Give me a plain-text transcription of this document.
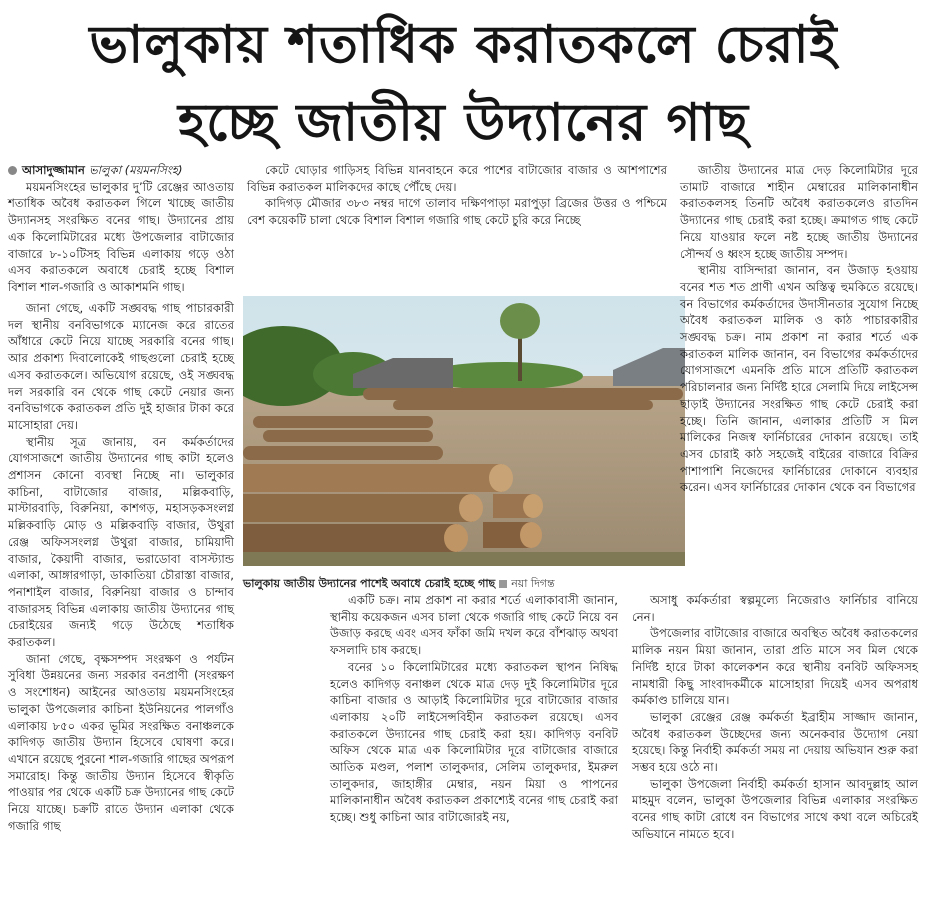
ভালুকায় শতাধিক করাতকলে চেরাই
হচ্ছে জাতীয় উদ্যানের গাছ

আসাদুজ্জামান ভালুকা (ময়মনসিংহ)

ময়মনসিংহের ভালুকার দু’টি রেঞ্জের আওতায় শতাধিক অবৈধ করাতকল গিলে খাচ্ছে জাতীয় উদ্যানসহ সংরক্ষিত বনের গাছ। উদ্যানের প্রায় এক কিলোমিটারের মধ্যে উপজেলার বাটাজোর বাজারে ৮-১০টিসহ বিভিন্ন এলাকায় গড়ে ওঠা এসব করাতকলে অবাধে চেরাই হচ্ছে বিশাল বিশাল শাল-গজারি ও আকাশমনি গাছ।

জানা গেছে, একটি সঙ্ঘবদ্ধ গাছ পাচারকারী দল স্থানীয় বনবিভাগকে ম্যানেজ করে রাতের আঁধারে কেটে নিয়ে যাচ্ছে সরকারি বনের গাছ। আর প্রকাশ্য দিবালোকেই গাছগুলো চেরাই হচ্ছে এসব করাতকলে। অভিযোগ রয়েছে, ওই সঙ্ঘবদ্ধ দল সরকারি বন থেকে গাছ কেটে নেয়ার জন্য বনবিভাগকে করাতকল প্রতি দুই হাজার টাকা করে মাসোহারা দেয়।

স্থানীয় সূত্র জানায়, বন কর্মকর্তাদের যোগসাজশে জাতীয় উদ্যানের গাছ কাটা হলেও প্রশাসন কোনো ব্যবস্থা নিচ্ছে না। ভালুকার কাচিনা, বাটাজোর বাজার, মল্লিকবাড়ি, মাস্টারবাড়ি, বিরুনিয়া, কাশগড়, মহাসড়কসংলগ্ন মল্লিকবাড়ি মোড় ও মল্লিকবাড়ি বাজার, উথুরা রেঞ্জ অফিসসংলগ্ন উথুরা বাজার, চামিয়াদী বাজার, কৈয়াদী বাজার, ভরাডোবা বাসস্ট্যান্ড এলাকা, আঙ্গারগাড়া, ডাকাতিয়া চৌরাস্তা বাজার, পনাশাইল বাজার, বিরুনিয়া বাজার ও চান্দাব বাজারসহ বিভিন্ন এলাকায় জাতীয় উদ্যানের গাছ চেরাইয়ের জন্যই গড়ে উঠেছে শতাধিক করাতকল।

জানা গেছে, বৃক্ষসম্পদ সংরক্ষণ ও পর্যটন সুবিধা উন্নয়নের জন্য সরকার বনপ্রাণী (সংরক্ষণ ও সংশোধন) আইনের আওতায় ময়মনসিংহের ভালুকা উপজেলার কাচিনা ইউনিয়নের পালগাঁও এলাকায় ৮৫০ একর ভূমির সংরক্ষিত বনাঞ্চলকে কাদিগড় জাতীয় উদ্যান হিসেবে ঘোষণা করে। এখানে রয়েছে পুরনো শাল-গজারি গাছের অপরূপ সমারোহ। কিন্তু জাতীয় উদ্যান হিসেবে স্বীকৃতি পাওয়ার পর থেকে একটি চক্র উদ্যানের গাছ কেটে নিয়ে যাচ্ছে। চক্রটি রাতে উদ্যান এলাকা থেকে গজারি গাছ

কেটে ঘোড়ার গাড়িসহ বিভিন্ন যানবাহনে করে পাশের বাটাজোর বাজার ও আশপাশের বিভিন্ন করাতকল মালিকদের কাছে পৌঁছে দেয়।

কাদিগড় মৌজার ৩৮৩ নম্বর দাগে তালাব দক্ষিণপাড়া মরাপুড়া ব্রিজের উত্তর ও পশ্চিমে বেশ কয়েকটি চালা থেকে বিশাল বিশাল গজারি গাছ কেটে চুরি করে নিচ্ছে

ভালুকায় জাতীয় উদ্যানের পাশেই অবাধে চেরাই হচ্ছে গাছ নয়া দিগন্ত

একটি চক্র। নাম প্রকাশ না করার শর্তে এলাকাবাসী জানান, স্থানীয় কয়েকজন এসব চালা থেকে গজারি গাছ কেটে নিয়ে বন উজাড় করছে এবং এসব ফাঁকা জমি দখল করে বাঁশঝাড় অথবা ফসলাদি চাষ করছে।

বনের ১০ কিলোমিটারের মধ্যে করাতকল স্থাপন নিষিদ্ধ হলেও কাদিগড় বনাঞ্চল থেকে মাত্র দেড় দুই কিলোমিটার দূরে কাচিনা বাজার ও আড়াই কিলোমিটার দূরে বাটাজোর বাজার এলাকায় ২০টি লাইসেন্সবিহীন করাতকল রয়েছে। এসব করাতকলে উদ্যানের গাছ চেরাই করা হয়। কাদিগড় বনবিট অফিস থেকে মাত্র এক কিলোমিটার দূরে বাটাজোর বাজারে আতিক মণ্ডল, পলাশ তালুকদার, সেলিম তালুকদার, ইমরুল তালুকদার, জাহাঙ্গীর মেম্বার, নয়ন মিয়া ও পাপনের মালিকানাধীন অবৈধ করাতকল প্রকাশ্যেই বনের গাছ চেরাই করা হচ্ছে। শুধু কাচিনা আর বাটাজোরই নয়,

জাতীয় উদ্যানের মাত্র দেড় কিলোমিটার দূরে তামাট বাজারে শাহীন মেম্বারের মালিকানাধীন করাতকলসহ তিনটি অবৈধ করাতকলেও রাতদিন উদ্যানের গাছ চেরাই করা হচ্ছে। ক্রমাগত গাছ কেটে নিয়ে যাওয়ার ফলে নষ্ট হচ্ছে জাতীয় উদ্যানের সৌন্দর্য ও ধ্বংস হচ্ছে জাতীয় সম্পদ।

স্থানীয় বাসিন্দারা জানান, বন উজাড় হওয়ায় বনের শত শত প্রাণী এখন অস্তিত্ব হুমকিতে রয়েছে। বন বিভাগের কর্মকর্তাদের উদাসীনতার সুযোগ নিচ্ছে অবৈধ করাতকল মালিক ও কাঠ পাচারকারীর সঙ্ঘবদ্ধ চক্র। নাম প্রকাশ না করার শর্তে এক করাতকল মালিক জানান, বন বিভাগের কর্মকর্তাদের যোগসাজশে এমনকি প্রতি মাসে প্রতিটি করাতকল পরিচালনার জন্য নির্দিষ্ট হারে সেলামি দিয়ে লাইসেন্স ছাড়াই উদ্যানের সংরক্ষিত গাছ কেটে চেরাই করা হচ্ছে। তিনি জানান, এলাকার প্রতিটি স মিল মালিকের নিজস্ব ফার্নিচারের দোকান রয়েছে। তাই এসব চোরাই কাঠ সহজেই বাইরের বাজারে বিক্রির পাশাপাশি নিজেদের ফার্নিচারের দোকানে ব্যবহার করেন। এসব ফার্নিচারের দোকান থেকে বন বিভাগের

অসাধু কর্মকর্তারা স্বল্পমূল্যে নিজেরাও ফার্নিচার বানিয়ে নেন।

উপজেলার বাটাজোর বাজারে অবস্থিত অবৈধ করাতকলের মালিক নয়ন মিয়া জানান, তারা প্রতি মাসে সব মিল থেকে নির্দিষ্ট হারে টাকা কালেকশন করে স্থানীয় বনবিট অফিসসহ নামধারী কিছু সাংবাদকর্মীকে মাসোহারা দিয়েই এসব অপরাধ কর্মকাণ্ড চালিয়ে যান।

ভালুকা রেঞ্জের রেঞ্জ কর্মকর্তা ইব্রাহীম সাজ্জাদ জানান, অবৈধ করাতকল উচ্ছেদের জন্য অনেকবার উদ্যোগ নেয়া হয়েছে। কিন্তু নির্বাহী কর্মকর্তা সময় না দেয়ায় অভিযান শুরু করা সম্ভব হয়ে ওঠে না।

ভালুকা উপজেলা নির্বাহী কর্মকর্তা হাসান আবদুল্লাহ আল মাহমুদ বলেন, ভালুকা উপজেলার বিভিন্ন এলাকার সংরক্ষিত বনের গাছ কাটা রোধে বন বিভাগের সাথে কথা বলে অচিরেই অভিযানে নামতে হবে।
